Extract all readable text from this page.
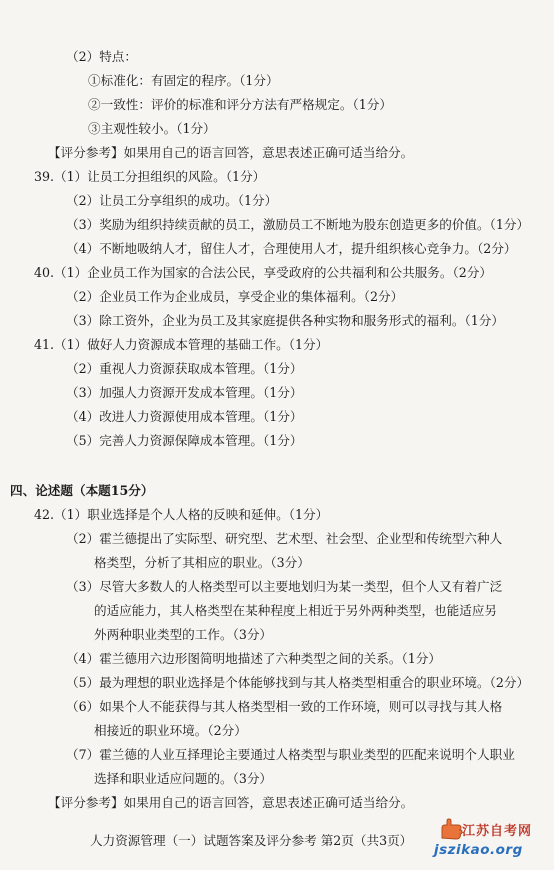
（2）特点：
①标准化：有固定的程序。（1分）
②一致性：评价的标准和评分方法有严格规定。（1分）
③主观性较小。（1分）
【评分参考】如果用自己的语言回答，意思表述正确可适当给分。
39.（1）让员工分担组织的风险。（1分）
（2）让员工分享组织的成功。（1分）
（3）奖励为组织持续贡献的员工，激励员工不断地为股东创造更多的价值。（1分）
（4）不断地吸纳人才，留住人才，合理使用人才，提升组织核心竞争力。（2分）
40.（1）企业员工作为国家的合法公民，享受政府的公共福利和公共服务。（2分）
（2）企业员工作为企业成员，享受企业的集体福利。（2分）
（3）除工资外，企业为员工及其家庭提供各种实物和服务形式的福利。（1分）
41.（1）做好人力资源成本管理的基础工作。（1分）
（2）重视人力资源获取成本管理。（1分）
（3）加强人力资源开发成本管理。（1分）
（4）改进人力资源使用成本管理。（1分）
（5）完善人力资源保障成本管理。（1分）
四、论述题（本题15分）
42.（1）职业选择是个人人格的反映和延伸。（1分）
（2）霍兰德提出了实际型、研究型、艺术型、社会型、企业型和传统型六种人
格类型，分析了其相应的职业。（3分）
（3）尽管大多数人的人格类型可以主要地划归为某一类型，但个人又有着广泛
的适应能力，其人格类型在某种程度上相近于另外两种类型，也能适应另
外两种职业类型的工作。（3分）
（4）霍兰德用六边形图简明地描述了六种类型之间的关系。（1分）
（5）最为理想的职业选择是个体能够找到与其人格类型相重合的职业环境。（2分）
（6）如果个人不能获得与其人格类型相一致的工作环境，则可以寻找与其人格
相接近的职业环境。（2分）
（7）霍兰德的人业互择理论主要通过人格类型与职业类型的匹配来说明个人职业
选择和职业适应问题的。（3分）
【评分参考】如果用自己的语言回答，意思表述正确可适当给分。
人力资源管理（一）试题答案及评分参考 第2页（共3页）
江苏自考网
jszikao.org
